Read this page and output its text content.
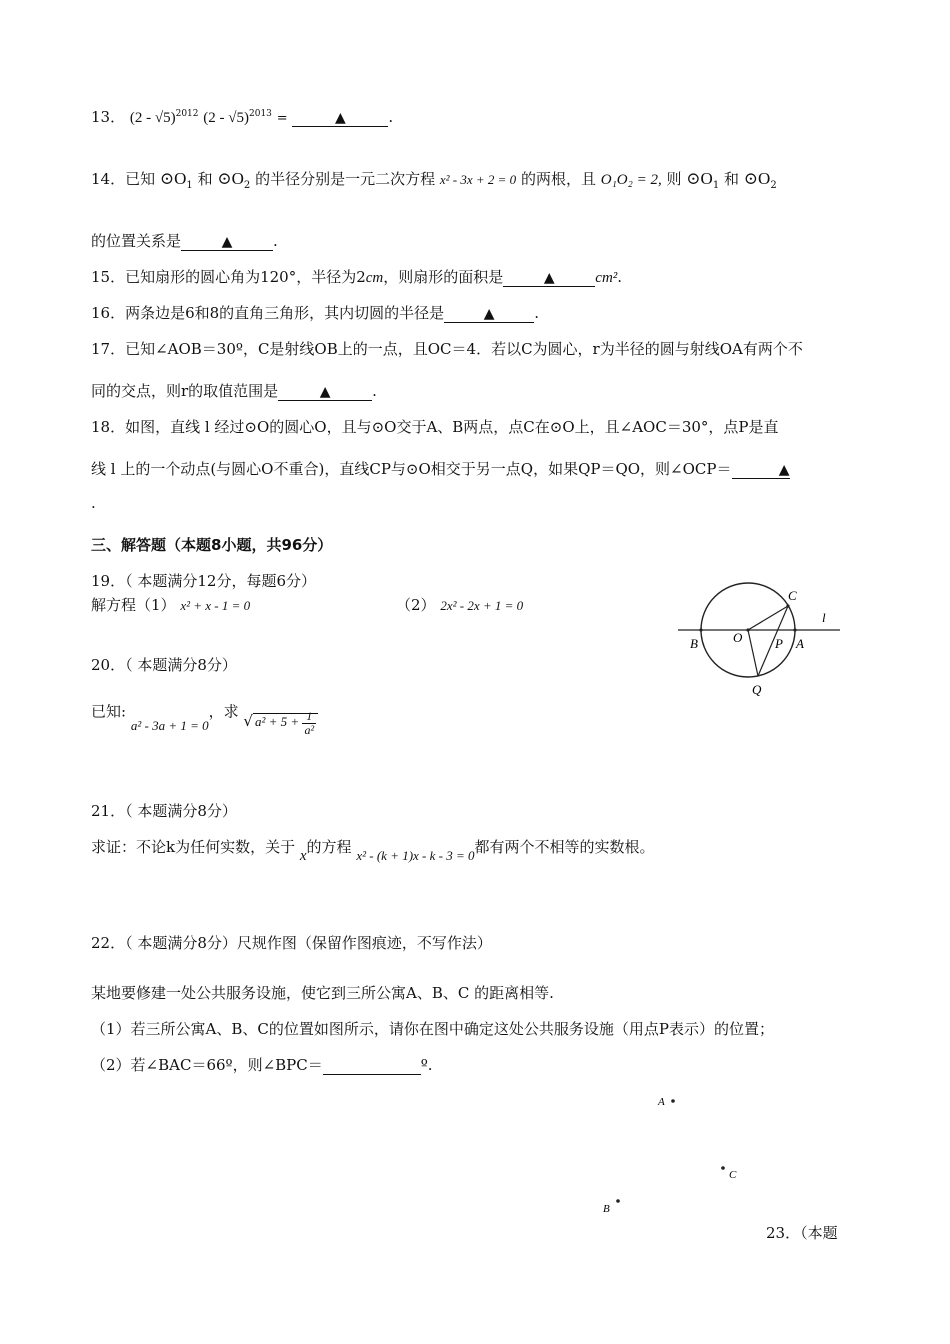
13． (2 - √5)$^{2012}$ (2 - √5)$^{2013}$ =	▲	.
14．已知 $⊙O_1$ 和 $⊙O_2$ 的半径分别是一元二次方程 x² - 3x + 2 = 0 的两根，且 O₁O₂ = 2, 则 $⊙O_1$ 和 $⊙O_2$
的位置关系是	▲	.
15．已知扇形的圆心角为120°，半径为2cm，则扇形的面积是	▲	cm².
16．两条边是6和8的直角三角形，其内切圆的半径是	▲	.
17．已知∠AOB＝30º，C是射线OB上的一点，且OC＝4．若以C为圆心，r为半径的圆与射线OA有两个不
同的交点，则r的取值范围是	▲	.
18．如图，直线 l 经过⊙O的圆心O，且与⊙O交于A、B两点，点C在⊙O上，且∠AOC＝30°，点P是直
线 l 上的一个动点(与圆心O不重合)，直线CP与⊙O相交于另一点Q，如果QP＝QO，则∠OCP＝	▲
.
三、解答题（本题8小题，共96分）
19．（ 本题满分12分，每题6分）
解方程（1） x² + x - 1 = 0	（2） 2x² - 2x + 1 = 0
C
O	P A
B
Q
l
20．（ 本题满分8分）
已知: a² - 3a + 1 = 0，求 √ $a^2 + 5 + \frac{1}{\text{a²}}$
21．（ 本题满分8分）
求证：不论k为任何实数，关于 x的方程 x² - (k + 1)x - k - 3 = 0都有两个不相等的实数根。
22．（ 本题满分8分）尺规作图（保留作图痕迹，不写作法）
某地要修建一处公共服务设施，使它到三所公寓A、B、C 的距离相等.
（1）若三所公寓A、B、C的位置如图所示，请你在图中确定这处公共服务设施（用点P表示）的位置；
（2）若∠BAC＝66º，则∠BPC＝	º.
A
C
B
23．（本题
